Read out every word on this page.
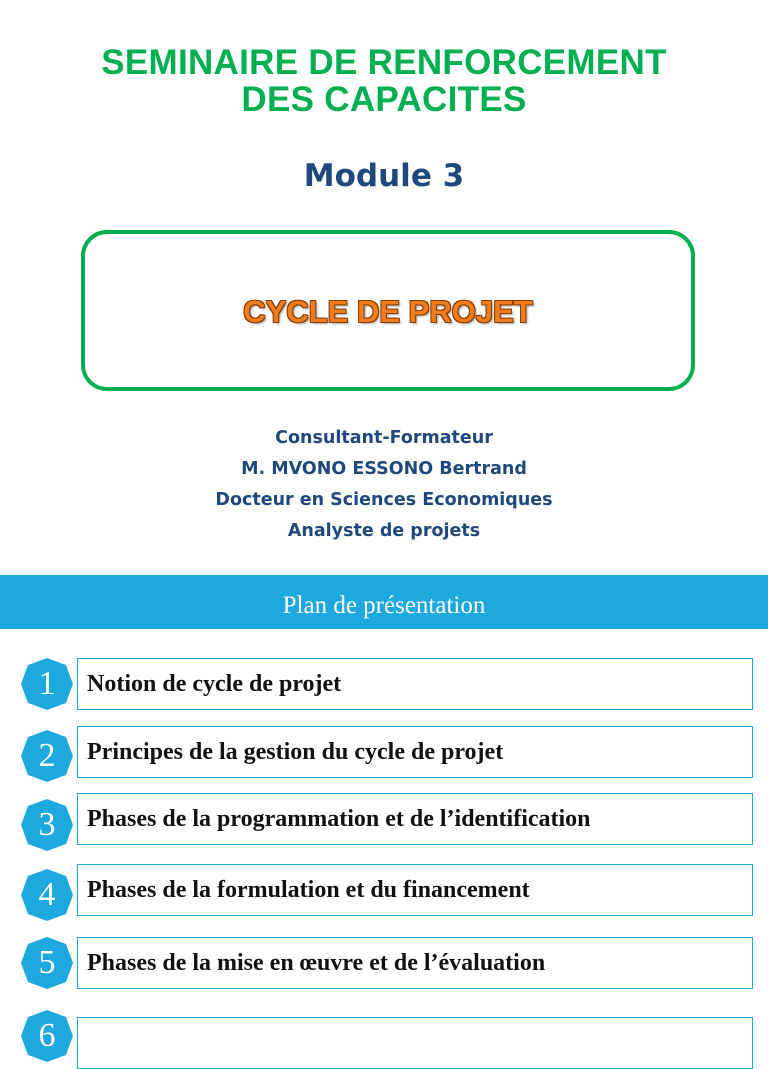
SEMINAIRE DE RENFORCEMENT
DES CAPACITES
Module 3
CYCLE DE PROJET
Consultant-Formateur
M. MVONO ESSONO Bertrand
Docteur en Sciences Economiques
Analyste de projets
Plan de présentation
Notion de cycle de projet
1
Principes de la gestion du cycle de projet
2
Phases de la programmation et de l’identification
3
Phases de la formulation et du financement
4
Phases de la mise en œuvre et de l’évaluation
5
6
